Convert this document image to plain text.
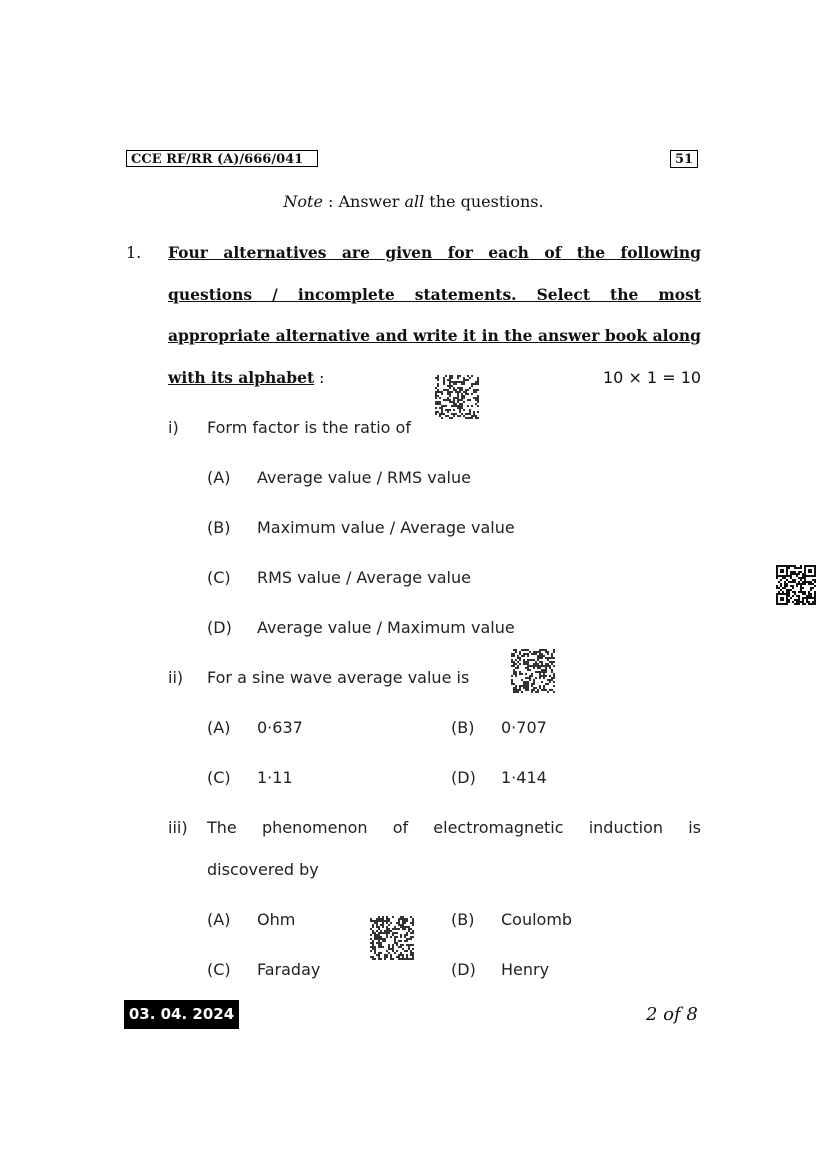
CCE RF/RR (A)/666/041	51
Note : Answer all the questions.
1. Four alternatives are given for each of the following
questions / incomplete statements. Select the most
appropriate alternative and write it in the answer book along
with its alphabet :	10 × 1 = 10
i) Form factor is the ratio of
(A) Average value / RMS value
(B) Maximum value / Average value
(C) RMS value / Average value
(D) Average value / Maximum value
ii) For a sine wave average value is
(A) 0·637	(B) 0·707
(C) 1·11	(D) 1·414
iii) The phenomenon of electromagnetic induction is
discovered by
(A) Ohm	(B) Coulomb
(C) Faraday	(D) Henry
03. 04. 2024	2 of 8
